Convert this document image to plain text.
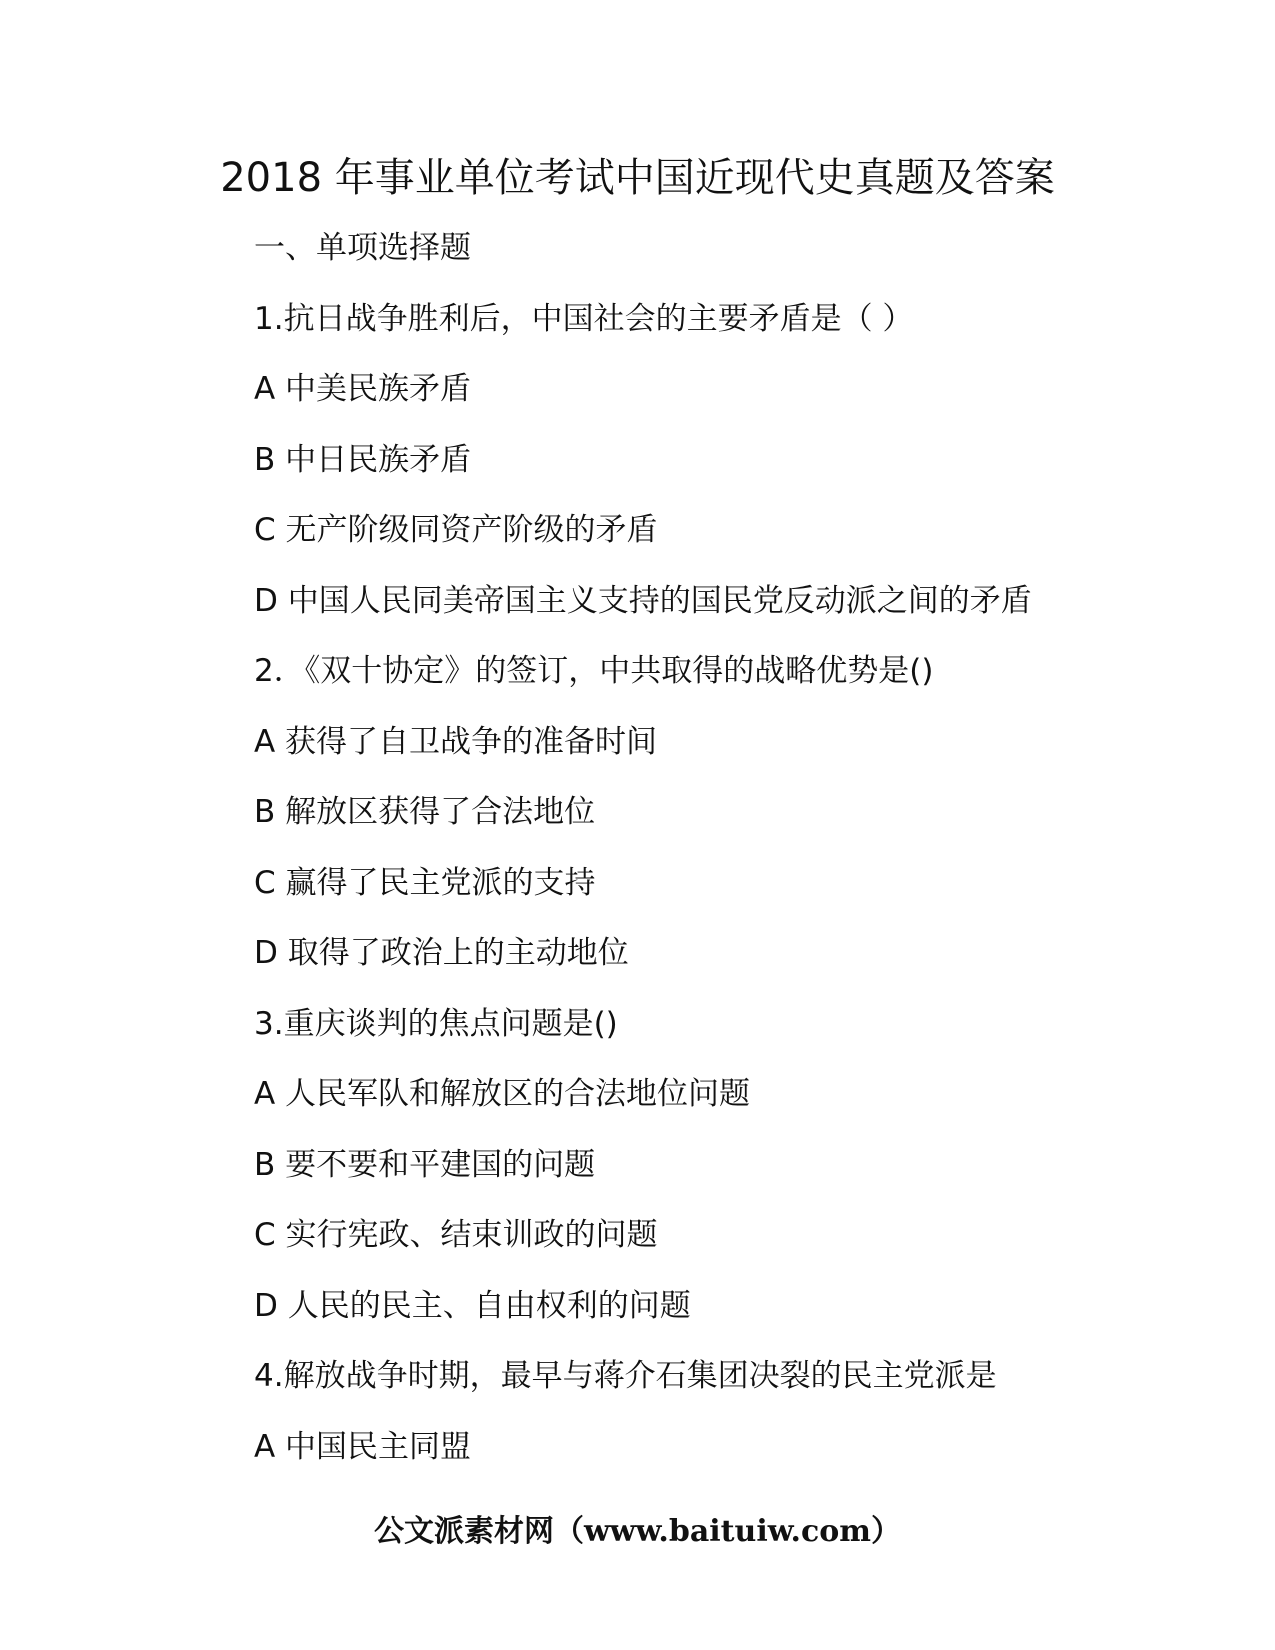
2018 年事业单位考试中国近现代史真题及答案
一、单项选择题
1.抗日战争胜利后，中国社会的主要矛盾是（ ）
A 中美民族矛盾
B 中日民族矛盾
C 无产阶级同资产阶级的矛盾
D 中国人民同美帝国主义支持的国民党反动派之间的矛盾
2．《双十协定》的签订，中共取得的战略优势是()
A 获得了自卫战争的准备时间
B 解放区获得了合法地位
C 赢得了民主党派的支持
D 取得了政治上的主动地位
3.重庆谈判的焦点问题是()
A 人民军队和解放区的合法地位问题
B 要不要和平建国的问题
C 实行宪政、结束训政的问题
D 人民的民主、自由权利的问题
4.解放战争时期，最早与蒋介石集团决裂的民主党派是
A 中国民主同盟
公文派素材网（www.baituiw.com）
